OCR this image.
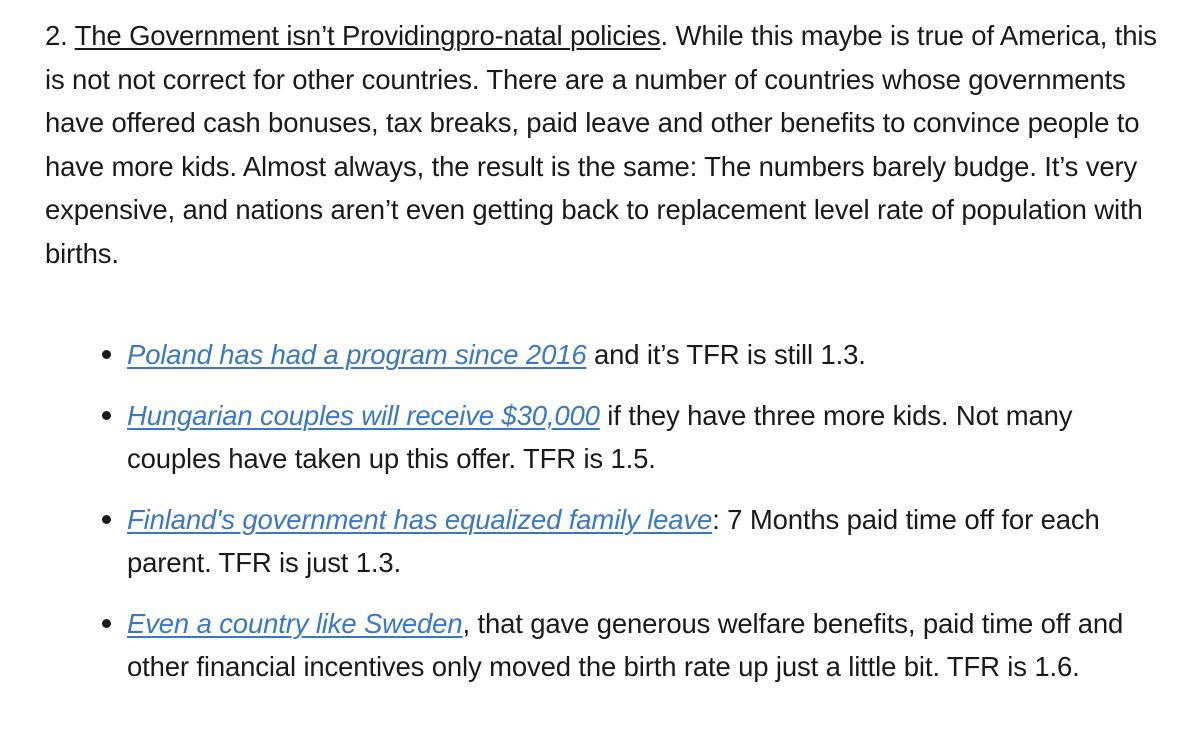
2. The Government isn’t Providingpro-natal policies. While this maybe is true of America, this is not not correct for other countries. There are a number of countries whose governments have offered cash bonuses, tax breaks, paid leave and other benefits to convince people to have more kids. Almost always, the result is the same: The numbers barely budge. It’s very expensive, and nations aren’t even getting back to replacement level rate of population with births.

Poland has had a program since 2016 and it’s TFR is still 1.3.
Hungarian couples will receive $30,000 if they have three more kids. Not many couples have taken up this offer. TFR is 1.5.
Finland's government has equalized family leave: 7 Months paid time off for each parent. TFR is just 1.3.
Even a country like Sweden, that gave generous welfare benefits, paid time off and other financial incentives only moved the birth rate up just a little bit. TFR is 1.6.
